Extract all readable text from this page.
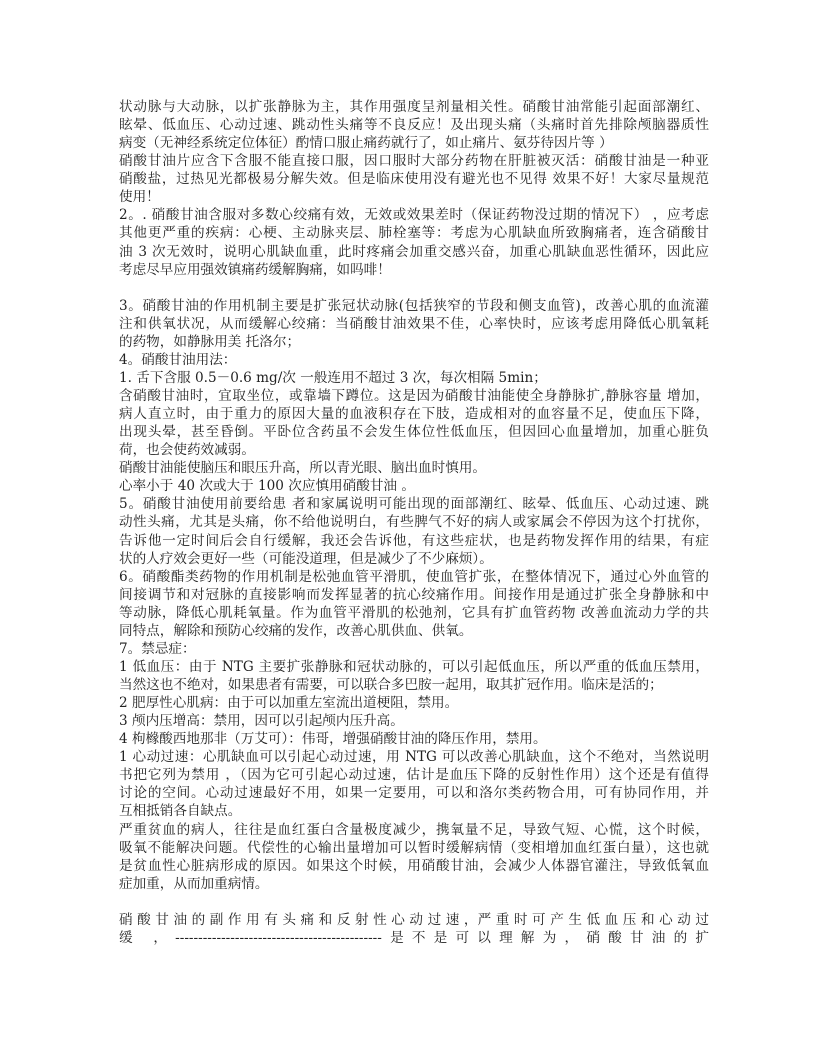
状动脉与大动脉，以扩张静脉为主，其作用强度呈剂量相关性。硝酸甘油常能引起面部潮红、
眩晕、低血压、心动过速、跳动性头痛等不良反应！及出现头痛（头痛时首先排除颅脑器质性
病变（无神经系统定位体征）酌情口服止痛药就行了，如止痛片、氨芬待因片等 ）
硝酸甘油片应含下含服不能直接口服，因口服时大部分药物在肝脏被灭活：硝酸甘油是一种亚
硝酸盐，过热见光都极易分解失效。但是临床使用没有避光也不见得 效果不好！大家尽量规范
使用！
2。. 硝酸甘油含服对多数心绞痛有效，无效或效果差时（保证药物没过期的情况下） ，应考虑
其他更严重的疾病：心梗、主动脉夹层、肺栓塞等：考虑为心肌缺血所致胸痛者，连含硝酸甘
油 3 次无效时，说明心肌缺血重，此时疼痛会加重交感兴奋，加重心肌缺血恶性循环，因此应
考虑尽早应用强效镇痛药缓解胸痛，如吗啡！

3。硝酸甘油的作用机制主要是扩张冠状动脉(包括狭窄的节段和侧支血管)，改善心肌的血流灌
注和供氧状况，从而缓解心绞痛：当硝酸甘油效果不佳，心率快时，应该考虑用降低心肌氧耗
的药物，如静脉用美 托洛尔；
4。硝酸甘油用法：
1. 舌下含服 0.5－0.6 mg/次 一般连用不超过 3 次，每次相隔 5min；
含硝酸甘油时，宜取坐位，或靠墙下蹲位。这是因为硝酸甘油能使全身静脉扩,静脉容量 增加，
病人直立时，由于重力的原因大量的血液积存在下肢，造成相对的血容量不足，使血压下降，
出现头晕，甚至昏倒。平卧位含药虽不会发生体位性低血压，但因回心血量增加，加重心脏负
荷，也会使药效减弱。
硝酸甘油能使脑压和眼压升高，所以青光眼、脑出血时慎用。
心率小于 40 次或大于 100 次应慎用硝酸甘油 。
5。硝酸甘油使用前要给患 者和家属说明可能出现的面部潮红、眩晕、低血压、心动过速、跳
动性头痛，尤其是头痛，你不给他说明白，有些脾气不好的病人或家属会不停因为这个打扰你，
告诉他一定时间后会自行缓解，我还会告诉他，有这些症状，也是药物发挥作用的结果，有症
状的人疗效会更好一些（可能没道理，但是减少了不少麻烦）。
6。硝酸酯类药物的作用机制是松弛血管平滑肌，使血管扩张，在整体情况下，通过心外血管的
间接调节和对冠脉的直接影响而发挥显著的抗心绞痛作用。间接作用是通过扩张全身静脉和中
等动脉，降低心肌耗氧量。作为血管平滑肌的松弛剂，它具有扩血管药物 改善血流动力学的共
同特点，解除和预防心绞痛的发作，改善心肌供血、供氧。
7。禁忌症：
1 低血压：由于 NTG 主要扩张静脉和冠状动脉的，可以引起低血压，所以严重的低血压禁用，
当然这也不绝对，如果患者有需要，可以联合多巴胺一起用，取其扩冠作用。临床是活的；
2 肥厚性心肌病：由于可以加重左室流出道梗阻，禁用。
3 颅内压增高：禁用，因可以引起颅内压升高。
4 枸橼酸西地那非（万艾可）：伟哥，增强硝酸甘油的降压作用，禁用。
1 心动过速：心肌缺血可以引起心动过速，用 NTG 可以改善心肌缺血，这个不绝对，当然说明
书把它列为禁用 ，（因为它可引起心动过速，估计是血压下降的反射性作用）这个还是有值得
讨论的空间。心动过速最好不用，如果一定要用，可以和洛尔类药物合用，可有协同作用，并
互相抵销各自缺点。
严重贫血的病人，往往是血红蛋白含量极度减少，携氧量不足，导致气短、心慌，这个时候，
吸氧不能解决问题。代偿性的心输出量增加可以暂时缓解病情（变相增加血红蛋白量），这也就
是贫血性心脏病形成的原因。如果这个时候，用硝酸甘油，会减少人体器官灌注，导致低氧血
症加重，从而加重病情。

硝 酸 甘 油 的 副 作 用 有 头 痛 和 反 射 性 心 动 过 速 ，严 重 时 可 产 生 低 血 压 和 心 动 过
缓 ，---------------------------------------------是不是可以理解为，硝酸甘油的扩
